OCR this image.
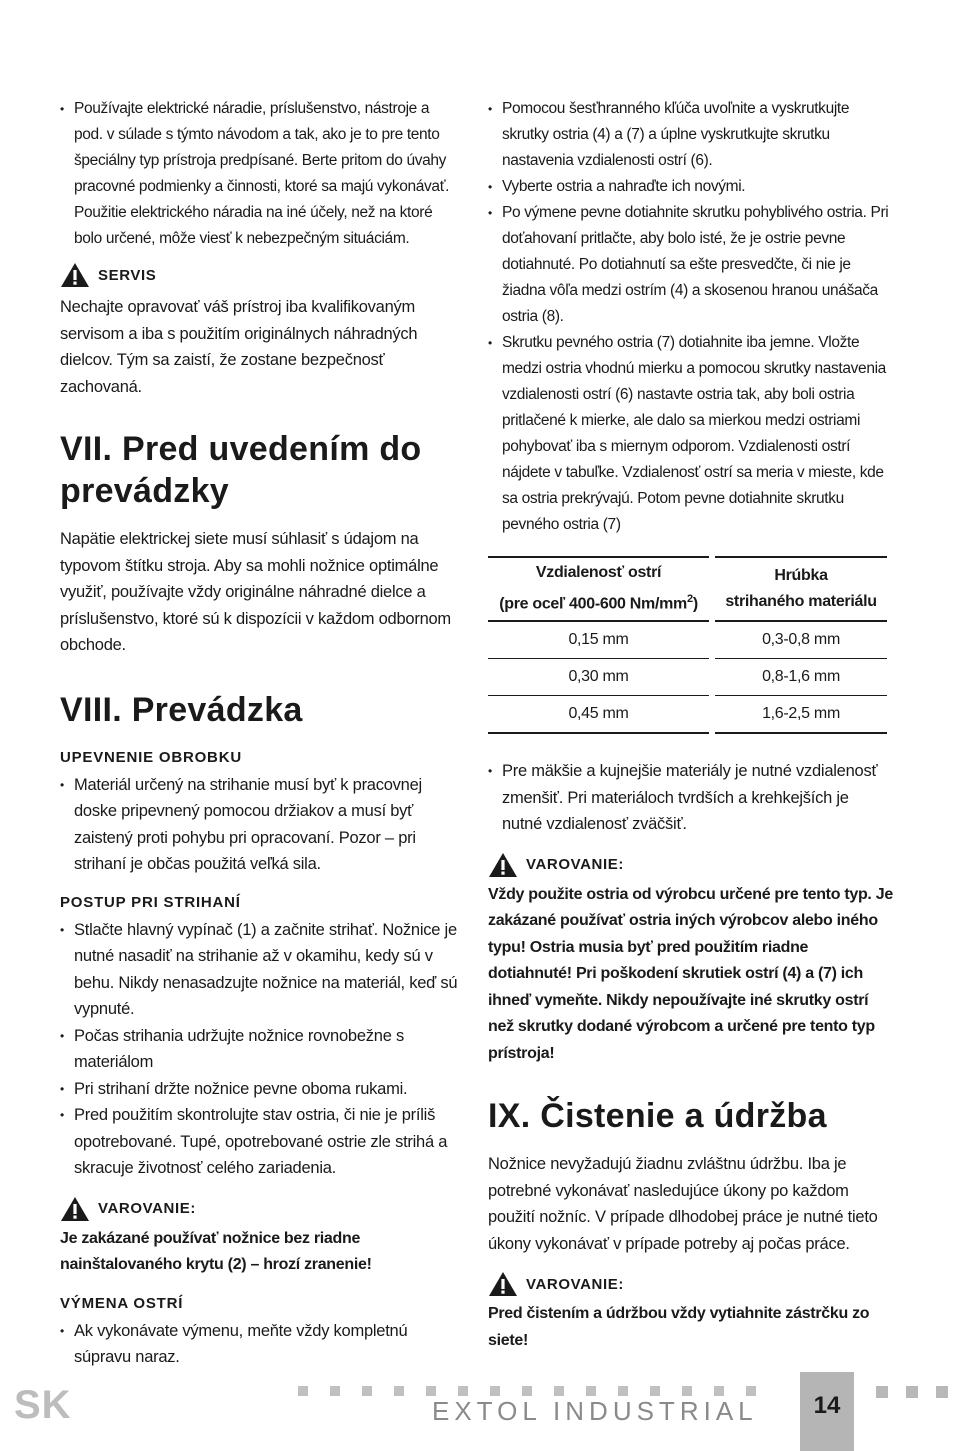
• Používajte elektrické náradie, príslušenstvo, nástroje a pod. v súlade s týmto návodom a tak, ako je to pre tento špeciálny typ prístroja predpísané. Berte pritom do úvahy pracovné podmienky a činnosti, ktoré sa majú vykonávať. Použitie elektrického náradia na iné účely, než na ktoré bolo určené, môže viesť k nebezpečným situáciám.
SERVIS

Nechajte opravovať váš prístroj iba kvalifikovaným servisom a iba s použitím originálnych náhradných dielcov. Tým sa zaistí, že zostane bezpečnosť zachovaná.

VII. Pred uvedením do prevádzky

Napätie elektrickej siete musí súhlasiť s údajom na typovom štítku stroja. Aby sa mohli nožnice optimálne využiť, používajte vždy originálne náhradné dielce a príslušenstvo, ktoré sú k dispozícii v každom odbornom obchode.

VIII. Prevádzka
UPEVNENIE OBROBKU
• Materiál určený na strihanie musí byť k pracovnej doske pripevnený pomocou držiakov a musí byť zaistený proti pohybu pri opracovaní. Pozor – pri strihaní je občas použitá veľká sila.
POSTUP PRI STRIHANÍ
• Stlačte hlavný vypínač (1) a začnite strihať. Nožnice je nutné nasadiť na strihanie až v okamihu, kedy sú v behu. Nikdy nenasadzujte nožnice na materiál, keď sú vypnuté.
• Počas strihania udržujte nožnice rovnobežne s materiálom
• Pri strihaní držte nožnice pevne oboma rukami.
• Pred použitím skontrolujte stav ostria, či nie je príliš opotrebované. Tupé, opotrebované ostrie zle strihá a skracuje životnosť celého zariadenia.
VAROVANIE:

Je zakázané používať nožnice bez riadne nainštalovaného krytu (2) – hrozí zranenie!

VÝMENA OSTRÍ
• Ak vykonávate výmenu, meňte vždy kompletnú súpravu naraz.
• Pomocou šesťhranného kľúča uvoľnite a vyskrutkujte skrutky ostria (4) a (7) a úplne vyskrutkujte skrutku nastavenia vzdialenosti ostrí (6).
• Vyberte ostria a nahraďte ich novými.
• Po výmene pevne dotiahnite skrutku pohyblivého ostria. Pri doťahovaní pritlačte, aby bolo isté, že je ostrie pevne dotiahnuté. Po dotiahnutí sa ešte presvedčte, či nie je žiadna vôľa medzi ostrím (4) a skosenou hranou unášača ostria (8).
• Skrutku pevného ostria (7) dotiahnite iba jemne. Vložte medzi ostria vhodnú mierku a pomocou skrutky nastavenia vzdialenosti ostrí (6) nastavte ostria tak, aby boli ostria pritlačené k mierke, ale dalo sa mierkou medzi ostriami pohybovať iba s miernym odporom. Vzdialenosti ostrí nájdete v tabuľke. Vzdialenosť ostrí sa meria v mieste, kde sa ostria prekrývajú. Potom pevne dotiahnite skrutku pevného ostria (7)
Vzdialenosť ostrí
(pre oceľ 400-600 $Nm/mm^2$)	Hrúbka
strihaného materiálu
0,15 mm	0,3-0,8 mm
0,30 mm	0,8-1,6 mm
0,45 mm	1,6-2,5 mm
• Pre mäkšie a kujnejšie materiály je nutné vzdialenosť zmenšiť. Pri materiáloch tvrdších a krehkejších je nutné vzdialenosť zväčšiť.
VAROVANIE:

Vždy použite ostria od výrobcu určené pre tento typ. Je zakázané používať ostria iných výrobcov alebo iného typu! Ostria musia byť pred použitím riadne dotiahnuté! Pri poškodení skrutiek ostrí (4) a (7) ich ihneď vymeňte. Nikdy nepoužívajte iné skrutky ostrí než skrutky dodané výrobcom a určené pre tento typ prístroja!

IX. Čistenie a údržba

Nožnice nevyžadujú žiadnu zvláštnu údržbu. Iba je potrebné vykonávať nasledujúce úkony po každom použití nožníc. V prípade dlhodobej práce je nutné tieto úkony vykonávať v prípade potreby aj počas práce.

VAROVANIE:

Pred čistením a údržbou vždy vytiahnite zástrčku zo siete!

SK	EXTOL INDUSTRIAL	14
